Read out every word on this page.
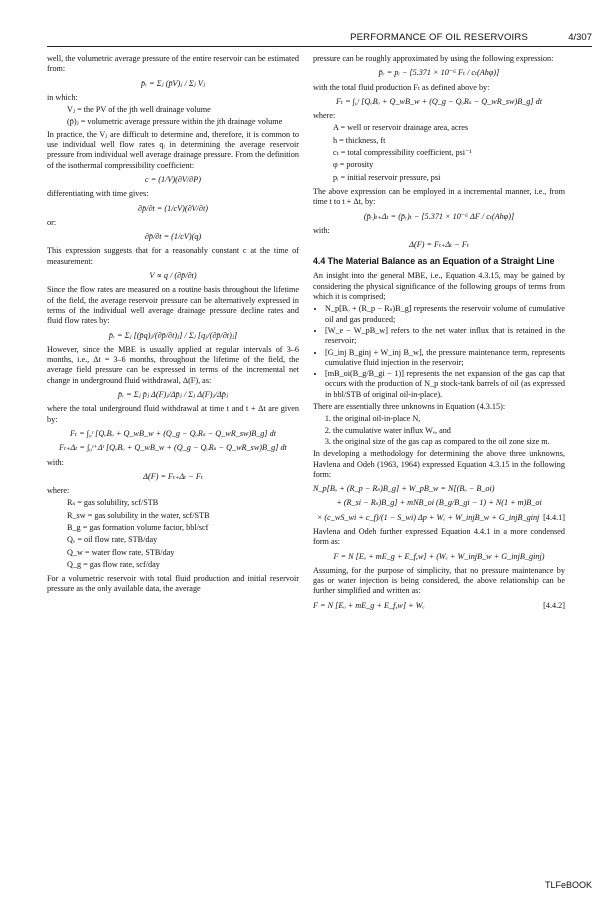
PERFORMANCE OF OIL RESERVOIRS	4/307

well, the volumetric average pressure of the entire reservoir can be estimated from:

p̄ᵣ = Σⱼ (p̄V)ⱼ / Σⱼ Vⱼ

in which:

Vⱼ = the PV of the jth well drainage volume
(p̄)ⱼ = volumetric average pressure within the jth drainage volume

In practice, the Vⱼ are difficult to determine and, therefore, it is common to use individual well flow rates qᵢ in determining the average reservoir pressure from individual well average drainage pressure. From the definition of the isothermal compressibility coefficient:

c = (1/V)(∂V/∂P)

differentiating with time gives:

∂p̄/∂t = (1/cV)(∂V/∂t)

or:

∂p̄/∂t = (1/cV)(q)

This expression suggests that for a reasonably constant c at the time of measurement:

V ∝ q / (∂p̄/∂t)

Since the flow rates are measured on a routine basis throughout the lifetime of the field, the average reservoir pressure can be alternatively expressed in terms of the individual well average drainage pressure decline rates and fluid flow rates by:

p̄ᵣ = Σⱼ [(p̄q)ⱼ/(∂p̄/∂t)ⱼ] / Σⱼ [qⱼ/(∂p̄/∂t)ⱼ]

However, since the MBE is usually applied at regular intervals of 3–6 months, i.e., Δt = 3–6 months, throughout the lifetime of the field, the average field pressure can be expressed in terms of the incremental net change in underground fluid withdrawal, Δ(F), as:

p̄ᵣ = Σⱼ p̄ⱼ Δ(F)ⱼ/Δp̄ⱼ / Σⱼ Δ(F)ⱼ/Δp̄ⱼ

where the total underground fluid withdrawal at time t and t + Δt are given by:

Fₜ = ∫₀ᵗ [QₒBₒ + Q_wB_w + (Q_g − QₒRₛ − Q_wR_sw)B_g] dt
Fₜ₊Δₜ = ∫₀ᵗ⁺Δᵗ [QₒBₒ + Q_wB_w + (Q_g − QₒRₛ − Q_wR_sw)B_g] dt

with:

Δ(F) = Fₜ₊Δₜ − Fₜ

where:

Rₛ = gas solubility, scf/STB
R_sw = gas solubility in the water, scf/STB
B_g = gas formation volume factor, bbl/scf
Qₒ = oil flow rate, STB/day
Q_w = water flow rate, STB/day
Q_g = gas flow rate, scf/day

For a volumetric reservoir with total fluid production and initial reservoir pressure as the only available data, the average

pressure can be roughly approximated by using the following expression:

p̄ᵣ = pᵢ − [5.371 × 10⁻⁶ Fₜ / cₜ(Ahφ)]

with the total fluid production Fₜ as defined above by:

Fₜ = ∫₀ᵗ [QₒBₒ + Q_wB_w + (Q_g − QₒRₛ − Q_wR_sw)B_g] dt

where:

A = well or reservoir drainage area, acres
h = thickness, ft
cₜ = total compressibility coefficient, psi⁻¹
φ = porosity
pᵢ = initial reservoir pressure, psi

The above expression can be employed in a incremental manner, i.e., from time t to t + Δt, by:

(p̄ᵣ)ₜ₊Δₜ = (p̄ᵣ)ₜ − [5.371 × 10⁻⁶ ΔF / cₜ(Ahφ)]

with:

Δ(F) = Fₜ₊Δₜ − Fₜ
4.4 The Material Balance as an Equation of a Straight Line

An insight into the general MBE, i.e., Equation 4.3.15, may be gained by considering the physical significance of the following groups of terms from which it is comprised;

• N_p[Bₒ + (R_p − Rₛ)B_g] represents the reservoir volume of cumulative oil and gas produced;
• [W_e − W_pB_w] refers to the net water influx that is retained in the reservoir;
• [G_inj B_ginj + W_inj B_w], the pressure maintenance term, represents cumulative fluid injection in the reservoir;
• [mB_oi(B_g/B_gi − 1)] represents the net expansion of the gas cap that occurs with the production of N_p stock-tank barrels of oil (as expressed in bbl/STB of original oil-in-place).

There are essentially three unknowns in Equation (4.3.15):

1. the original oil-in-place N,
2. the cumulative water influx Wₑ, and
3. the original size of the gas cap as compared to the oil zone size m.

In developing a methodology for determining the above three unknowns, Havlena and Odeh (1963, 1964) expressed Equation 4.3.15 in the following form:

N_p[Bₒ + (R_p − Rₛ)B_g] + W_pB_w = N[(Bₒ − B_oi)
+ (R_si − Rₛ)B_g] + mNB_oi (B_g/B_gi − 1) + N(1 + m)B_oi
× (c_wS_wi + c_f)/(1 − S_wi) Δp + Wₑ + W_injB_w + G_injB_ginj [4.4.1]

Havlena and Odeh further expressed Equation 4.4.1 in a more condensed form as:

F = N [Eₒ + mE_g + E_f,w] + (Wₑ + W_injB_w + G_injB_ginj)

Assuming, for the purpose of simplicity, that no pressure maintenance by gas or water injection is being considered, the above relationship can be further simplified and written as:

F = N [Eₒ + mE_g + E_f,w] + Wₑ	[4.4.2]
TLFeBOOK
